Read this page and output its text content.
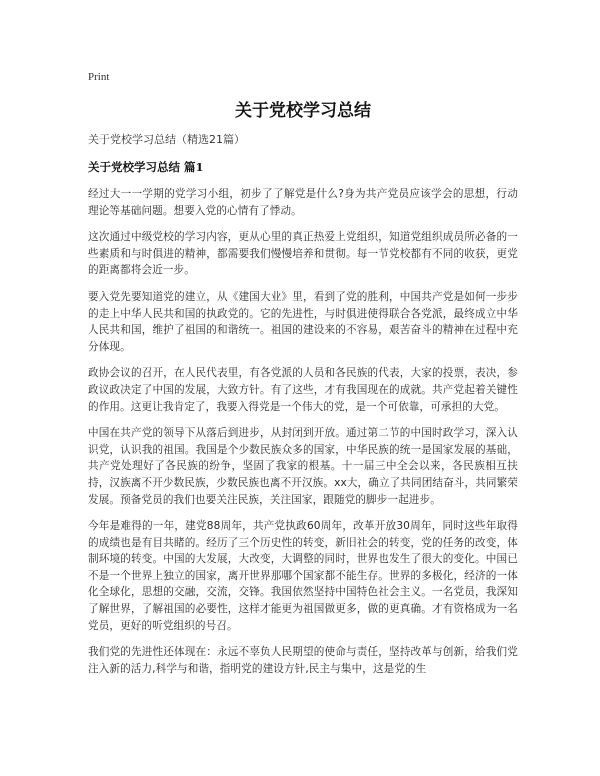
Print

关于党校学习总结

关于党校学习总结（精选21篇）

关于党校学习总结 篇1

经过大一一学期的党学习小组，初步了了解党是什么?身为共产党员应该学会的思想，行动理论等基础问题。想要入党的心情有了悸动。

这次通过中级党校的学习内容，更从心里的真正热爱上党组织，知道党组织成员所必备的一些素质和与时俱进的精神，都需要我们慢慢培养和贯彻。每一节党校都有不同的收获，更党的距离都将会近一步。

要入党先要知道党的建立，从《建国大业》里，看到了党的胜利，中国共产党是如何一步步的走上中华人民共和国的执政党的。它的先进性，与时俱进使得联合各党派，最终成立中华人民共和国，维护了祖国的和谐统一。祖国的建设来的不容易，艰苦奋斗的精神在过程中充分体现。

政协会议的召开，在人民代表里，有各党派的人员和各民族的代表，大家的投票，表决，参政议政决定了中国的发展，大致方针。有了这些，才有我国现在的成就。共产党起着关键性的作用。这更让我肯定了，我要入得党是一个伟大的党，是一个可依靠，可承担的大党。

中国在共产党的领导下从落后到进步，从封闭到开放。通过第二节的中国时政学习，深入认识党，认识我的祖国。我国是个少数民族众多的国家，中华民族的统一是国家发展的基础，共产党处理好了各民族的纷争，坚固了我家的根基。十一届三中全会以来，各民族相互扶持，汉族离不开少数民族，少数民族也离不开汉族。xx大，确立了共同团结奋斗，共同繁荣发展。预备党员的我们也要关注民族，关注国家，跟随党的脚步一起进步。

今年是难得的一年，建党88周年，共产党执政60周年，改革开放30周年，同时这些年取得的成绩也是有目共睹的。经历了三个历史性的转变，新旧社会的转变，党的任务的改变，体制环境的转变。中国的大发展，大改变，大调整的同时，世界也发生了很大的变化。中国已不是一个世界上独立的国家，离开世界那哪个国家都不能生存。世界的多极化，经济的一体化全球化，思想的交融，交流，交锋。我国依然坚持中国特色社会主义。一名党员，我深知了解世界，了解祖国的必要性，这样才能更为祖国做更多，做的更真确。才有资格成为一名党员，更好的听党组织的号召。

我们党的先进性还体现在：永远不辜负人民期望的使命与责任，坚持改革与创新，给我们党注入新的活力,科学与和谐，指明党的建设方针,民主与集中，这是党的生
